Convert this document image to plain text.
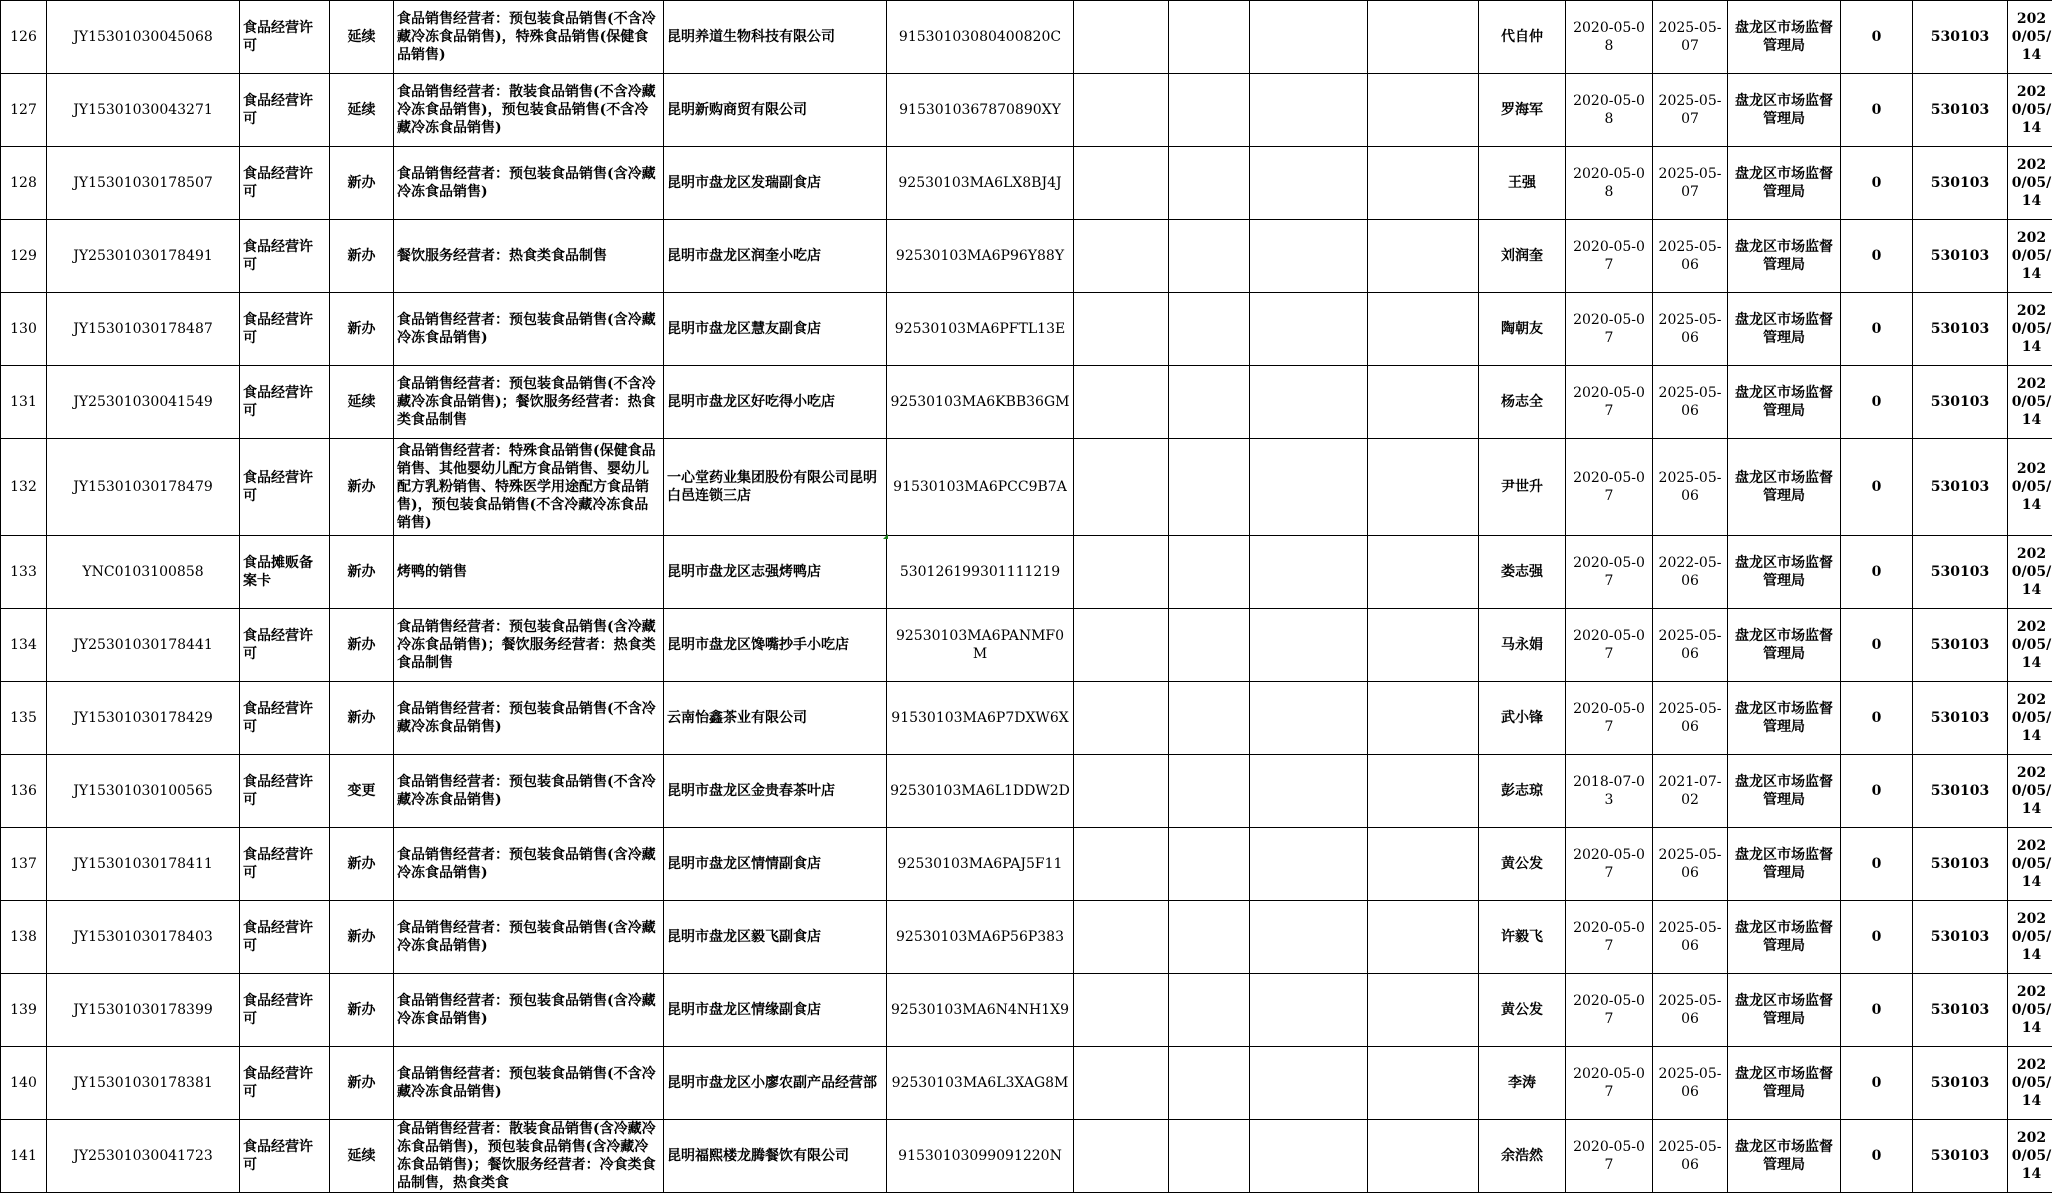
126	JY15301030045068	食品经营许可	延续	食品销售经营者：预包装食品销售(不含冷藏冷冻食品销售)，特殊食品销售(保健食品销售)	昆明养道生物科技有限公司	915301030804008​20C					代自仲	2020-05-08	2025-05-07	盘龙区市场监督管理局	0	530103	2020/05/14	
127	JY15301030043271	食品经营许可	延续	食品销售经营者：散装食品销售(不含冷藏冷冻食品销售)，预包装食品销售(不含冷藏冷冻食品销售)	昆明新购商贸有限公司	91530103678708​90XY					罗海军	2020-05-08	2025-05-07	盘龙区市场监督管理局	0	530103	2020/05/14	
128	JY15301030178507	食品经营许可	新办	食品销售经营者：预包装食品销售(含冷藏冷冻食品销售)	昆明市盘龙区发瑞副食店	92530103MA6LX8BJ4J					王强	2020-05-08	2025-05-07	盘龙区市场监督管理局	0	530103	2020/05/14	
129	JY25301030178491	食品经营许可	新办	餐饮服务经营者：热食类食品制售	昆明市盘龙区润奎小吃店	92530103MA6P96Y88Y					刘润奎	2020-05-07	2025-05-06	盘龙区市场监督管理局	0	530103	2020/05/14	
130	JY15301030178487	食品经营许可	新办	食品销售经营者：预包装食品销售(含冷藏冷冻食品销售)	昆明市盘龙区慧友副食店	92530103MA6PFTL13E					陶朝友	2020-05-07	2025-05-06	盘龙区市场监督管理局	0	530103	2020/05/14	
131	JY25301030041549	食品经营许可	延续	食品销售经营者：预包装食品销售(不含冷藏冷冻食品销售)；餐饮服务经营者：热食类食品制售	昆明市盘龙区好吃得小吃店	92530103MA6KBB36GM					杨志全	2020-05-07	2025-05-06	盘龙区市场监督管理局	0	530103	2020/05/14	
132	JY15301030178479	食品经营许可	新办	食品销售经营者：特殊食品销售(保健食品销售、其他婴幼儿配方食品销售、婴幼儿配方乳粉销售、特殊医学用途配方食品销售)，预包装食品销售(不含冷藏冷冻食品销售)	一心堂药业集团股份有限公司昆明白邑连锁三店	91530103MA6PCC9B7A					尹世升	2020-05-07	2025-05-06	盘龙区市场监督管理局	0	530103	2020/05/14	
133	YNC0103100858	食品摊贩备案卡	新办	烤鸭的销售	昆明市盘龙区志强烤鸭店	530126199301111219					娄志强	2020-05-07	2022-05-06	盘龙区市场监督管理局	0	530103	2020/05/14	
134	JY25301030178441	食品经营许可	新办	食品销售经营者：预包装食品销售(含冷藏冷冻食品销售)；餐饮服务经营者：热食类食品制售	昆明市盘龙区馋嘴抄手小吃店	92530103MA6PANMF0M					马永娟	2020-05-07	2025-05-06	盘龙区市场监督管理局	0	530103	2020/05/14	
135	JY15301030178429	食品经营许可	新办	食品销售经营者：预包装食品销售(不含冷藏冷冻食品销售)	云南怡鑫茶业有限公司	91530103MA6P7DXW6X					武小锋	2020-05-07	2025-05-06	盘龙区市场监督管理局	0	530103	2020/05/14	
136	JY15301030100565	食品经营许可	变更	食品销售经营者：预包装食品销售(不含冷藏冷冻食品销售)	昆明市盘龙区金贵春茶叶店	92530103MA6L1DDW2D					彭志琼	2018-07-03	2021-07-02	盘龙区市场监督管理局	0	530103	2020/05/14	
137	JY15301030178411	食品经营许可	新办	食品销售经营者：预包装食品销售(含冷藏冷冻食品销售)	昆明市盘龙区情情副食店	92530103MA6PAJ5F11					黄公发	2020-05-07	2025-05-06	盘龙区市场监督管理局	0	530103	2020/05/14	
138	JY15301030178403	食品经营许可	新办	食品销售经营者：预包装食品销售(含冷藏冷冻食品销售)	昆明市盘龙区毅飞副食店	92530103MA6P56P383					许毅飞	2020-05-07	2025-05-06	盘龙区市场监督管理局	0	530103	2020/05/14	
139	JY15301030178399	食品经营许可	新办	食品销售经营者：预包装食品销售(含冷藏冷冻食品销售)	昆明市盘龙区情缘副食店	92530103MA6N4NH1X9					黄公发	2020-05-07	2025-05-06	盘龙区市场监督管理局	0	530103	2020/05/14	
140	JY15301030178381	食品经营许可	新办	食品销售经营者：预包装食品销售(不含冷藏冷冻食品销售)	昆明市盘龙区小廖农副产品经营部	92530103MA6L3XAG8M					李涛	2020-05-07	2025-05-06	盘龙区市场监督管理局	0	530103	2020/05/14	
141	JY25301030041723	食品经营许可	延续	食品销售经营者：散装食品销售(含冷藏冷冻食品销售)，预包装食品销售(含冷藏冷冻食品销售)；餐饮服务经营者：冷食类食品制售，热食类食	昆明福熙楼龙腾餐饮有限公司	91530103099091220N					余浩然	2020-05-07	2025-05-06	盘龙区市场监督管理局	0	530103	2020/05/14	
